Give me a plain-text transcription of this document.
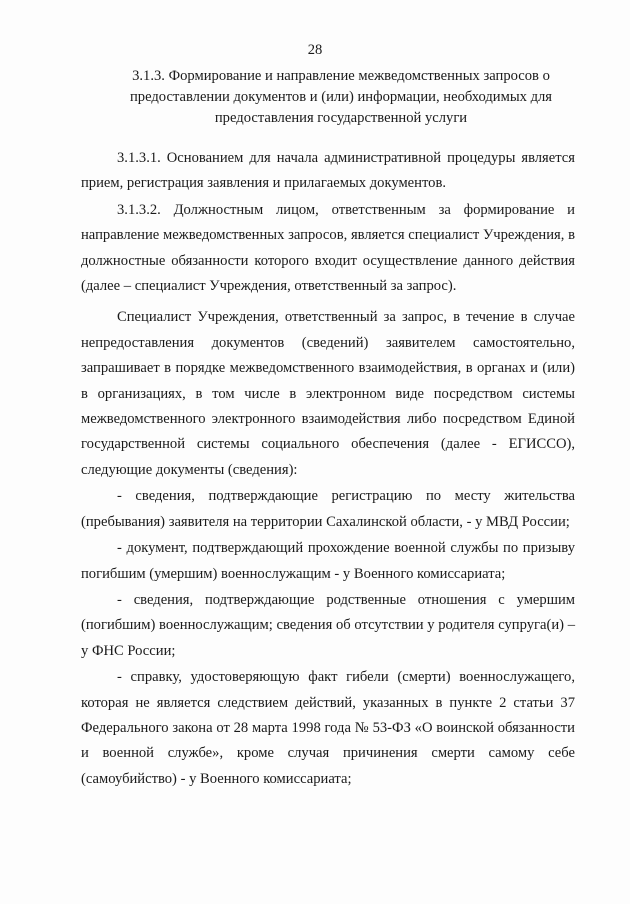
28
3.1.3. Формирование и направление межведомственных запросов о предоставлении документов и (или) информации, необходимых для предоставления государственной услуги

3.1.3.1. Основанием для начала административной процедуры является прием, регистрация заявления и прилагаемых документов.

3.1.3.2. Должностным лицом, ответственным за формирование и направление межведомственных запросов, является специалист Учреждения, в должностные обязанности которого входит осуществление данного действия (далее – специалист Учреждения, ответственный за запрос).

Специалист Учреждения, ответственный за запрос, в течение в случае непредоставления документов (сведений) заявителем самостоятельно, запрашивает в порядке межведомственного взаимодействия, в органах и (или) в организациях, в том числе в электронном виде посредством системы межведомственного электронного взаимодействия либо посредством Единой государственной системы социального обеспечения (далее - ЕГИССО), следующие документы (сведения):

- сведения, подтверждающие регистрацию по месту жительства (пребывания) заявителя на территории Сахалинской области, - у МВД России;

- документ, подтверждающий прохождение военной службы по призыву погибшим (умершим) военнослужащим - у Военного комиссариата;

- сведения, подтверждающие родственные отношения с умершим (погибшим) военнослужащим; сведения об отсутствии у родителя супруга(и) – у ФНС России;

- справку, удостоверяющую факт гибели (смерти) военнослужащего, которая не является следствием действий, указанных в пункте 2 статьи 37 Федерального закона от 28 марта 1998 года № 53-ФЗ «О воинской обязанности и военной службе», кроме случая причинения смерти самому себе (самоубийство) - у Военного комиссариата;
